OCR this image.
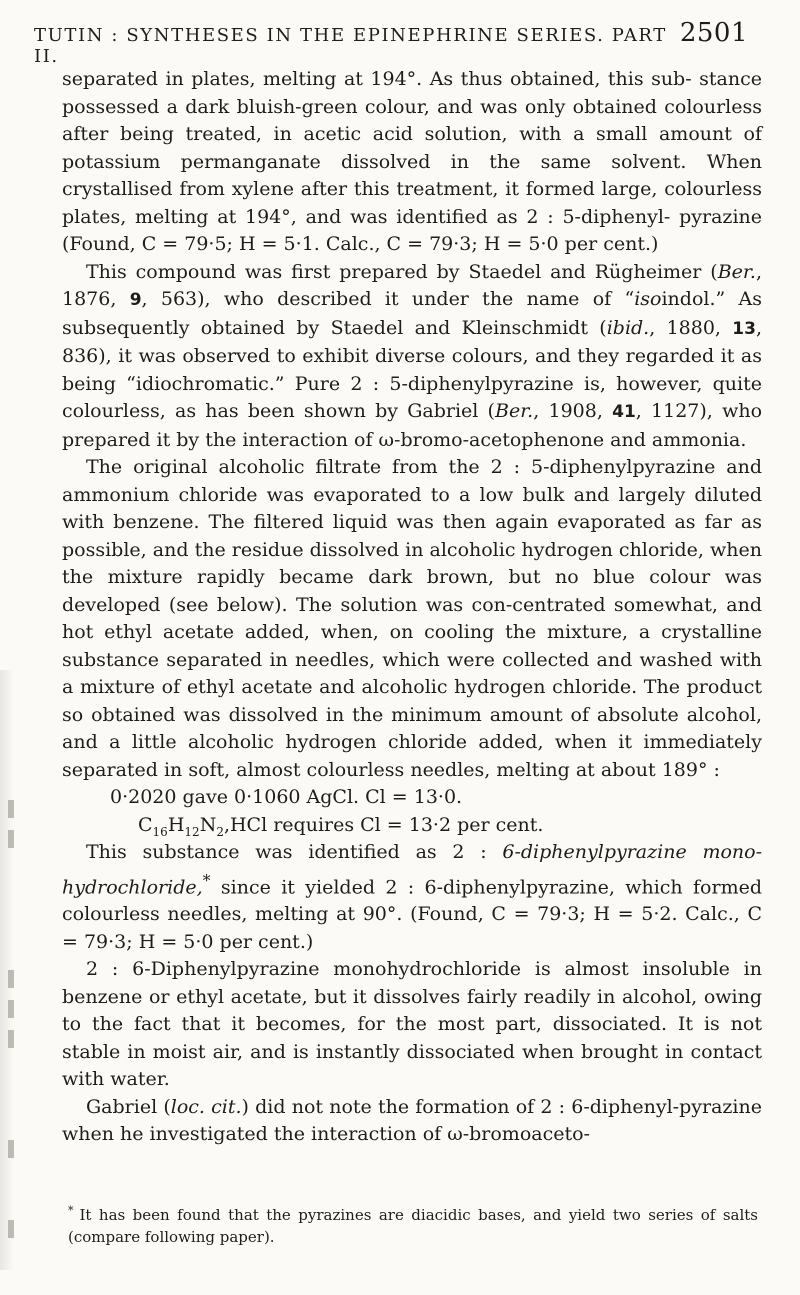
TUTIN : SYNTHESES IN THE EPINEPHRINE SERIES. PART II.
2501

separated in plates, melting at 194°. As thus obtained, this sub- stance possessed a dark bluish-green colour, and was only obtained colourless after being treated, in acetic acid solution, with a small amount of potassium permanganate dissolved in the same solvent. When crystallised from xylene after this treatment, it formed large, colourless plates, melting at 194°, and was identified as 2 : 5-diphenyl- pyrazine (Found, C = 79·5; H = 5·1. Calc., C = 79·3; H = 5·0 per cent.)

This compound was first prepared by Staedel and Rügheimer (Ber., 1876, 9, 563), who described it under the name of “isoindol.” As subsequently obtained by Staedel and Kleinschmidt (ibid., 1880, 13, 836), it was observed to exhibit diverse colours, and they regarded it as being “idiochromatic.” Pure 2 : 5-diphenylpyrazine is, however, quite colourless, as has been shown by Gabriel (Ber., 1908, 41, 1127), who prepared it by the interaction of ω-bromo-acetophenone and ammonia.

The original alcoholic filtrate from the 2 : 5-diphenylpyrazine and ammonium chloride was evaporated to a low bulk and largely diluted with benzene. The filtered liquid was then again evaporated as far as possible, and the residue dissolved in alcoholic hydrogen chloride, when the mixture rapidly became dark brown, but no blue colour was developed (see below). The solution was con-centrated somewhat, and hot ethyl acetate added, when, on cooling the mixture, a crystalline substance separated in needles, which were collected and washed with a mixture of ethyl acetate and alcoholic hydrogen chloride. The product so obtained was dissolved in the minimum amount of absolute alcohol, and a little alcoholic hydrogen chloride added, when it immediately separated in soft, almost colourless needles, melting at about 189° :

0·2020 gave 0·1060 AgCl. Cl = 13·0.

$C_{16}H_{12}N_2,HCl$ requires Cl = 13·2 per cent.

This substance was identified as 2 : 6-diphenylpyrazine mono-hydrochloride,* since it yielded 2 : 6-diphenylpyrazine, which formed colourless needles, melting at 90°. (Found, C = 79·3; H = 5·2. Calc., C = 79·3; H = 5·0 per cent.)

2 : 6-Diphenylpyrazine monohydrochloride is almost insoluble in benzene or ethyl acetate, but it dissolves fairly readily in alcohol, owing to the fact that it becomes, for the most part, dissociated. It is not stable in moist air, and is instantly dissociated when brought in contact with water.

Gabriel (loc. cit.) did not note the formation of 2 : 6-diphenyl-pyrazine when he investigated the interaction of ω-bromoaceto-

* It has been found that the pyrazines are diacidic bases, and yield two series of salts (compare following paper).
